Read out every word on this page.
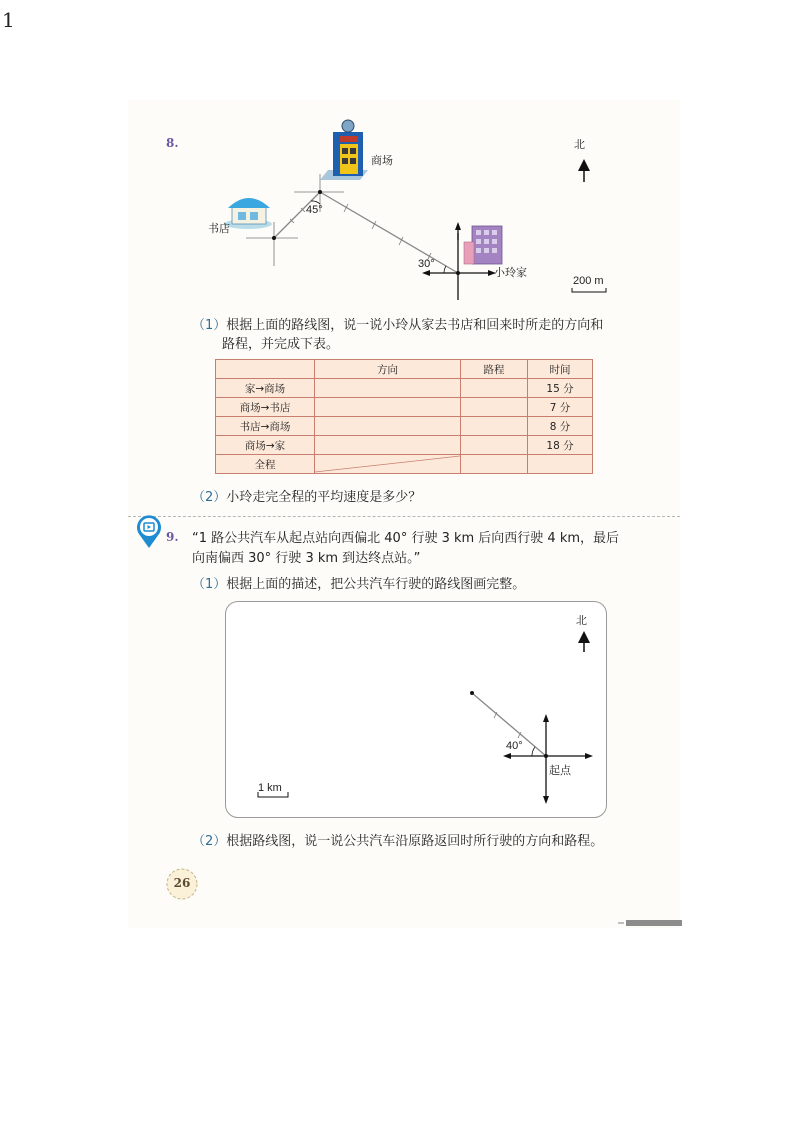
1
8.	北
商场
书店
小玲家
45°
30°
200 m
（1）根据上面的路线图，说一说小玲从家去书店和回来时所走的方向和
路程，并完成下表。
	方向	路程	时间
家→商场			15 分
商场→书店			7 分
书店→商场			8 分
商场→家			18 分
全程	

（2）小玲走完全程的平均速度是多少？
9. “1 路公共汽车从起点站向西偏北 40° 行驶 3 km 后向西行驶 4 km，最后
向南偏西 30° 行驶 3 km 到达终点站。”
（1）根据上面的描述，把公共汽车行驶的路线图画完整。
北
40°
起点
1 km
（2）根据路线图，说一说公共汽车沿原路返回时所行驶的方向和路程。
26
